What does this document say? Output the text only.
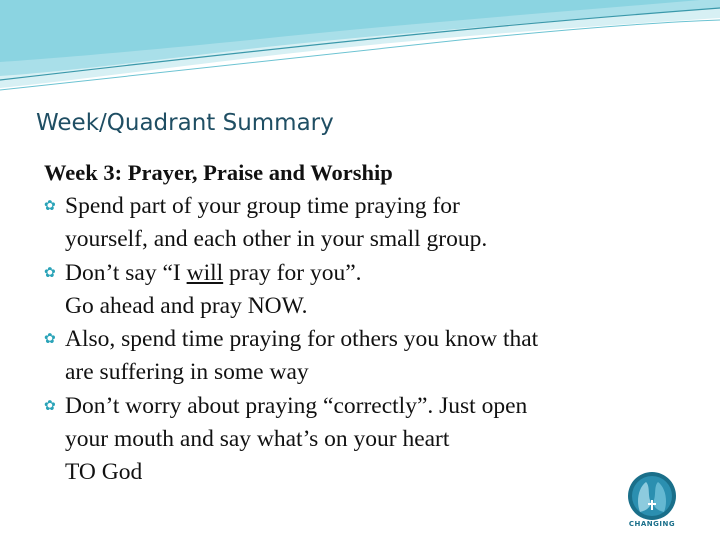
Week/Quadrant Summary

Week 3: Prayer, Praise and Worship

✿ Spend part of your group time praying for
yourself, and each other in your small group.
✿ Don’t say “I will pray for you”.
Go ahead and pray NOW.
✿ Also, spend time praying for others you know that
are suffering in some way
✿ Don’t worry about praying “correctly”. Just open
your mouth and say what’s on your heart
TO God
CHANGING
